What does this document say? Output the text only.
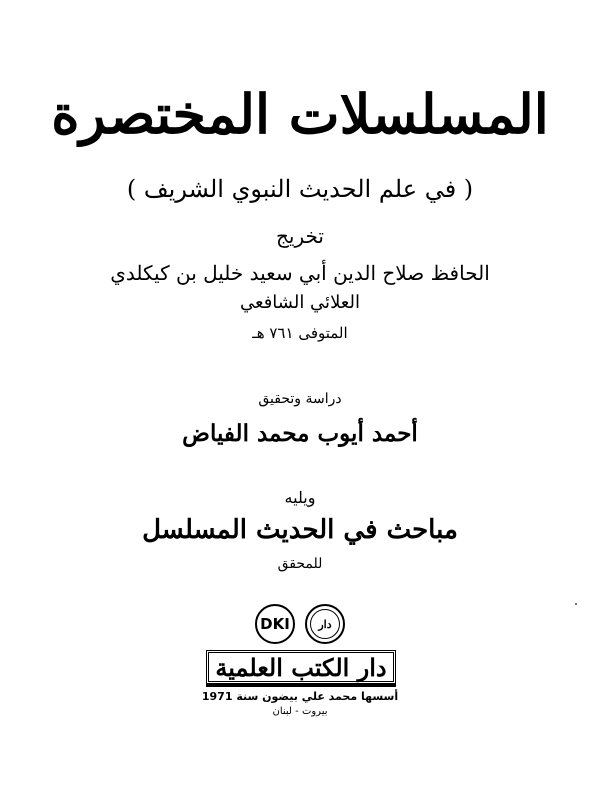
المسلسلات المختصرة
( في علم الحديث النبوي الشريف )
تخريج
الحافظ صلاح الدين أبي سعيد خليل بن كيكلدي
العلائي الشافعي
المتوفى ٧٦١ هـ
دراسة وتحقيق
أحمد أيوب محمد الفياض
ويليه
مباحث في الحديث المسلسل
للمحقق
DKI	دار
دار الكتب العلمية
أسسها محمد علي بيضون سنة 1971
بيروت - لبنان
